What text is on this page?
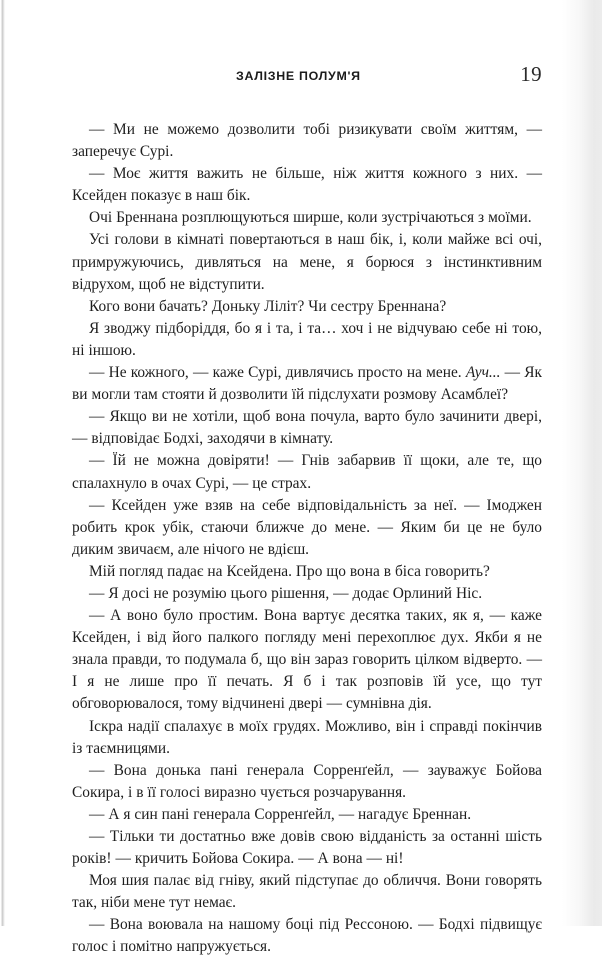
ЗАЛІЗНЕ ПОЛУМ'Я	19

— Ми не можемо дозволити тобі ризикувати своїм життям, — заперечує Сурі.

— Моє життя важить не більше, ніж життя кожного з них. — Ксейден показує в наш бік.

Очі Бреннана розплющуються ширше, коли зустрічаються з моїми.

Усі голови в кімнаті повертаються в наш бік, і, коли майже всі очі, примружуючись, дивляться на мене, я борюся з інстинктивним відрухом, щоб не відступити.

Кого вони бачать? Доньку Ліліт? Чи сестру Бреннана?

Я зводжу підборіддя, бо я і та, і та… хоч і не відчуваю себе ні тою, ні іншою.

— Не кожного, — каже Сурі, дивлячись просто на мене. Ауч... — Як ви могли там стояти й дозволити їй підслухати розмову Асамблеї?

— Якщо ви не хотіли, щоб вона почула, варто було зачинити двері, — відповідає Бодхі, заходячи в кімнату.

— Їй не можна довіряти! — Гнів забарвив її щоки, але те, що спалахнуло в очах Сурі, — це страх.

— Ксейден уже взяв на себе відповідальність за неї. — Імоджен робить крок убік, стаючи ближче до мене. — Яким би це не було диким звичаєм, але нічого не вдієш.

Мій погляд падає на Ксейдена. Про що вона в біса говорить?

— Я досі не розумію цього рішення, — додає Орлиний Ніс.

— А воно було простим. Вона вартує десятка таких, як я, — каже Ксейден, і від його палкого погляду мені перехоплює дух. Якби я не знала правди, то подумала б, що він зараз говорить цілком відверто. — І я не лише про її печать. Я б і так розповів їй усе, що тут обговорювалося, тому відчинені двері — сумнівна дія.

Іскра надії спалахує в моїх грудях. Можливо, він і справді покінчив із таємницями.

— Вона донька пані генерала Сорренґейл, — зауважує Бойова Сокира, і в її голосі виразно чується розчарування.

— А я син пані генерала Сорренґейл, — нагадує Бреннан.

— Тільки ти достатньо вже довів свою відданість за останні шість років! — кричить Бойова Сокира. — А вона — ні!

Моя шия палає від гніву, який підступає до обличчя. Вони говорять так, ніби мене тут немає.

— Вона воювала на нашому боці під Рессоною. — Бодхі підвищує голос і помітно напружується.
